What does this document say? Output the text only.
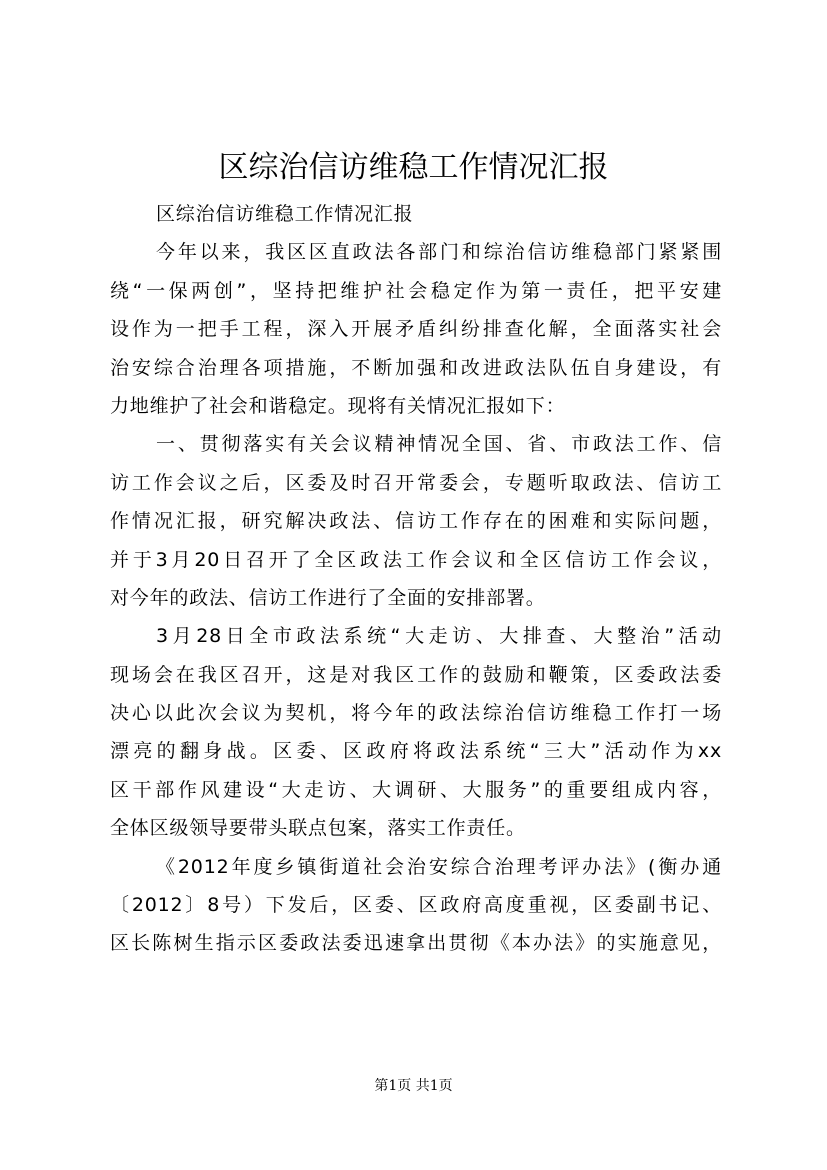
区综治信访维稳工作情况汇报
区综治信访维稳工作情况汇报
今年以来，我区区直政法各部门和综治信访维稳部门紧紧围
绕“一保两创”，坚持把维护社会稳定作为第一责任，把平安建
设作为一把手工程，深入开展矛盾纠纷排查化解，全面落实社会
治安综合治理各项措施，不断加强和改进政法队伍自身建设，有
力地维护了社会和谐稳定。现将有关情况汇报如下：
一、贯彻落实有关会议精神情况全国、省、市政法工作、信
访工作会议之后，区委及时召开常委会，专题听取政法、信访工
作情况汇报，研究解决政法、信访工作存在的困难和实际问题，
并于3月20日召开了全区政法工作会议和全区信访工作会议，
对今年的政法、信访工作进行了全面的安排部署。
3月28日全市政法系统“大走访、大排查、大整治”活动
现场会在我区召开，这是对我区工作的鼓励和鞭策，区委政法委
决心以此次会议为契机，将今年的政法综治信访维稳工作打一场
漂亮的翻身战。区委、区政府将政法系统“三大”活动作为xx
区干部作风建设“大走访、大调研、大服务”的重要组成内容，
全体区级领导要带头联点包案，落实工作责任。
《2012年度乡镇街道社会治安综合治理考评办法》(衡办通
〔2012〕8号）下发后，区委、区政府高度重视，区委副书记、
区长陈树生指示区委政法委迅速拿出贯彻《本办法》的实施意见，
第1页 共1页
